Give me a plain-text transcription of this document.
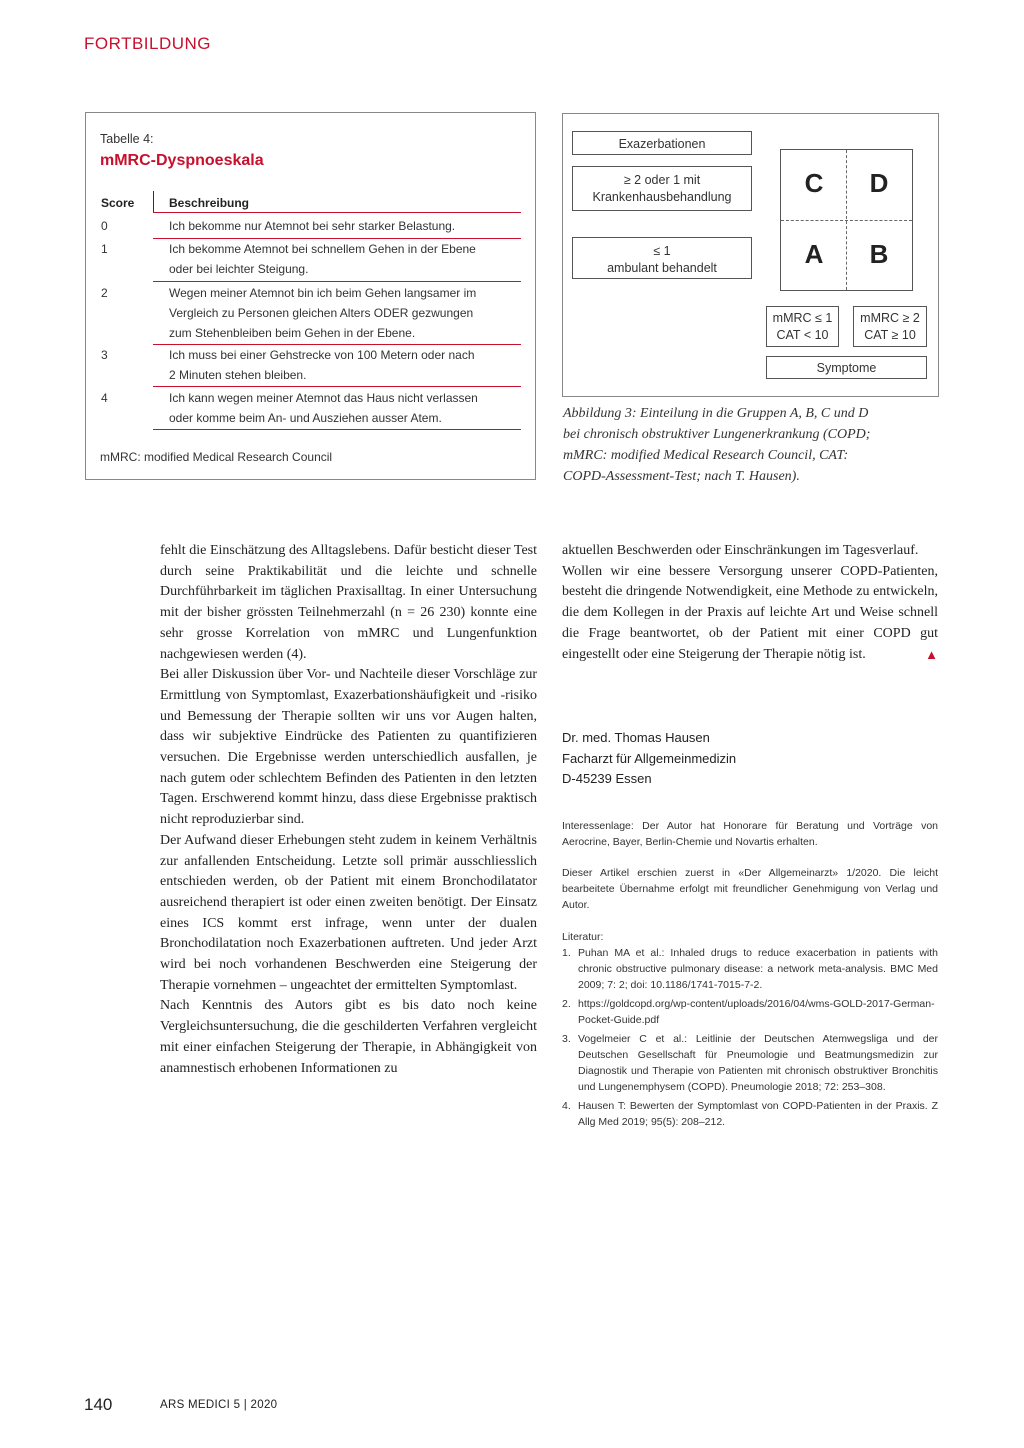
FORTBILDUNG
Tabelle 4:
mMRC-Dyspnoeskala
Score	Beschreibung
0	Ich bekomme nur Atemnot bei sehr starker Belastung.
1	Ich bekomme Atemnot bei schnellem Gehen in der Ebene
oder bei leichter Steigung.
2	Wegen meiner Atemnot bin ich beim Gehen langsamer im
Vergleich zu Personen gleichen Alters ODER gezwungen
zum Stehenbleiben beim Gehen in der Ebene.
3	Ich muss bei einer Gehstrecke von 100 Metern oder nach
2 Minuten stehen bleiben.
4	Ich kann wegen meiner Atemnot das Haus nicht verlassen
oder komme beim An- und Ausziehen ausser Atem.
mMRC: modified Medical Research Council
Exazerbationen
≥ 2 oder 1 mit
Krankenhausbehandlung
≤ 1
ambulant behandelt
C	D
A	B
mMRC ≤ 1
CAT < 10
mMRC ≥ 2
CAT ≥ 10
Symptome
Abbildung 3: Einteilung in die Gruppen A, B, C und D
bei chronisch obstruktiver Lungenerkrankung (COPD;
mMRC: modified Medical Research Council, CAT:
COPD-Assessment-Test; nach T. Hausen).

fehlt die Einschätzung des Alltagslebens. Dafür besticht dieser Test durch seine Praktikabilität und die leichte und schnelle Durchführbarkeit im täglichen Praxisalltag. In einer Untersuchung mit der bisher grössten Teilnehmerzahl (n = 26 230) konnte eine sehr grosse Korrelation von mMRC und Lungenfunktion nachgewiesen werden (4).

Bei aller Diskussion über Vor- und Nachteile dieser Vorschläge zur Ermittlung von Symptomlast, Exazerbationshäufigkeit und -risiko und Bemessung der Therapie sollten wir uns vor Augen halten, dass wir subjektive Eindrücke des Patienten zu quantifizieren versuchen. Die Ergebnisse werden unterschiedlich ausfallen, je nach gutem oder schlechtem Befinden des Patienten in den letzten Tagen. Erschwerend kommt hinzu, dass diese Ergebnisse praktisch nicht reproduzierbar sind.

Der Aufwand dieser Erhebungen steht zudem in keinem Verhältnis zur anfallenden Entscheidung. Letzte soll primär ausschliesslich entschieden werden, ob der Patient mit einem Bronchodilatator ausreichend therapiert ist oder einen zweiten benötigt. Der Einsatz eines ICS kommt erst infrage, wenn unter der dualen Bronchodilatation noch Exazerbationen auftreten. Und jeder Arzt wird bei noch vorhandenen Beschwerden eine Steigerung der Therapie vornehmen – ungeachtet der ermittelten Symptomlast.

Nach Kenntnis des Autors gibt es bis dato noch keine Vergleichsuntersuchung, die die geschilderten Verfahren vergleicht mit einer einfachen Steigerung der Therapie, in Abhängigkeit von anamnestisch erhobenen Informationen zu

aktuellen Beschwerden oder Einschränkungen im Tagesverlauf.

Wollen wir eine bessere Versorgung unserer COPD-Patienten, besteht die dringende Notwendigkeit, eine Methode zu entwickeln, die dem Kollegen in der Praxis auf leichte Art und Weise schnell die Frage beantwortet, ob der Patient mit einer COPD gut eingestellt oder eine Steigerung der Therapie nötig ist.	▲

Dr. med. Thomas Hausen
Facharzt für Allgemeinmedizin
D-45239 Essen
Interessenlage: Der Autor hat Honorare für Beratung und Vorträge von Aerocrine, Bayer, Berlin-Chemie und Novartis erhalten.
Dieser Artikel erschien zuerst in «Der Allgemeinarzt» 1/2020. Die leicht bearbeitete Übernahme erfolgt mit freundlicher Genehmigung von Verlag und Autor.
Literatur:
1. Puhan MA et al.: Inhaled drugs to reduce exacerbation in patients with chronic obstructive pulmonary disease: a network meta-analysis. BMC Med 2009; 7: 2; doi: 10.1186/1741-7015-7-2.
2. https://goldcopd.org/wp-content/uploads/2016/04/wms-GOLD-2017-German-Pocket-Guide.pdf
3. Vogelmeier C et al.: Leitlinie der Deutschen Atemwegsliga und der Deutschen Gesellschaft für Pneumologie und Beatmungsmedizin zur Diagnostik und Therapie von Patienten mit chronisch obstruktiver Bronchitis und Lungenemphysem (COPD). Pneumologie 2018; 72: 253–308.
4. Hausen T: Bewerten der Symptomlast von COPD-Patienten in der Praxis. Z Allg Med 2019; 95(5): 208–212.
140	ARS MEDICI 5 | 2020
